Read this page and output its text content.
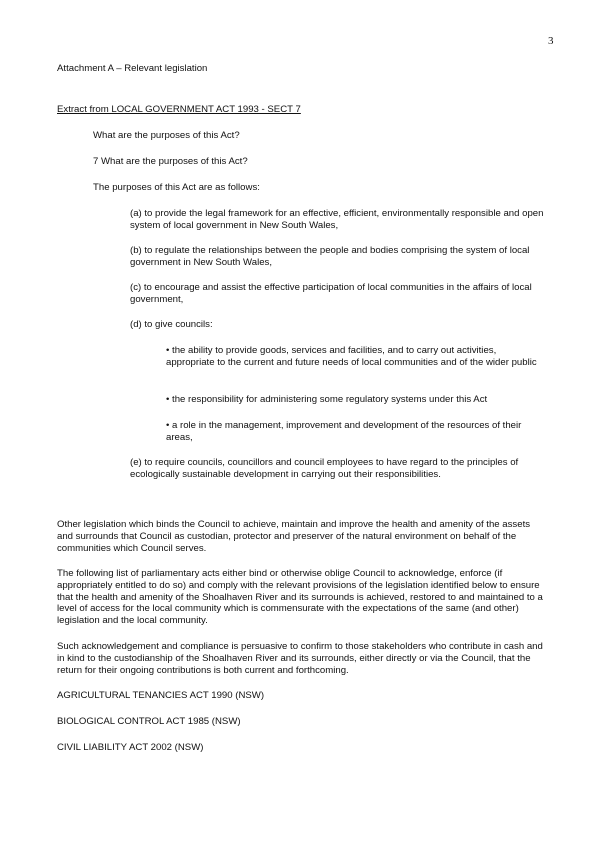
3
Attachment A – Relevant legislation
Extract from LOCAL GOVERNMENT ACT 1993 - SECT 7
What are the purposes of this Act?
7 What are the purposes of this Act?
The purposes of this Act are as follows:
(a) to provide the legal framework for an effective, efficient, environmentally responsible and open system of local government in New South Wales,
(b) to regulate the relationships between the people and bodies comprising the system of local government in New South Wales,
(c) to encourage and assist the effective participation of local communities in the affairs of local government,
(d) to give councils:
• the ability to provide goods, services and facilities, and to carry out activities, appropriate to the current and future needs of local communities and of the wider public
• the responsibility for administering some regulatory systems under this Act
• a role in the management, improvement and development of the resources of their areas,
(e) to require councils, councillors and council employees to have regard to the principles of ecologically sustainable development in carrying out their responsibilities.
Other legislation which binds the Council to achieve, maintain and improve the health and amenity of the assets and surrounds that Council as custodian, protector and preserver of the natural environment on behalf of the communities which Council serves.
The following list of parliamentary acts either bind or otherwise oblige Council to acknowledge, enforce (if appropriately entitled to do so) and comply with the relevant provisions of the legislation identified below to ensure that the health and amenity of the Shoalhaven River and its surrounds is achieved, restored to and maintained to a level of access for the local community which is commensurate with the expectations of the same (and other) legislation and the local community.
Such acknowledgement and compliance is persuasive to confirm to those stakeholders who contribute in cash and in kind to the custodianship of the Shoalhaven River and its surrounds, either directly or via the Council, that the return for their ongoing contributions is both current and forthcoming.
AGRICULTURAL TENANCIES ACT 1990 (NSW)
BIOLOGICAL CONTROL ACT 1985 (NSW)
CIVIL LIABILITY ACT 2002 (NSW)
